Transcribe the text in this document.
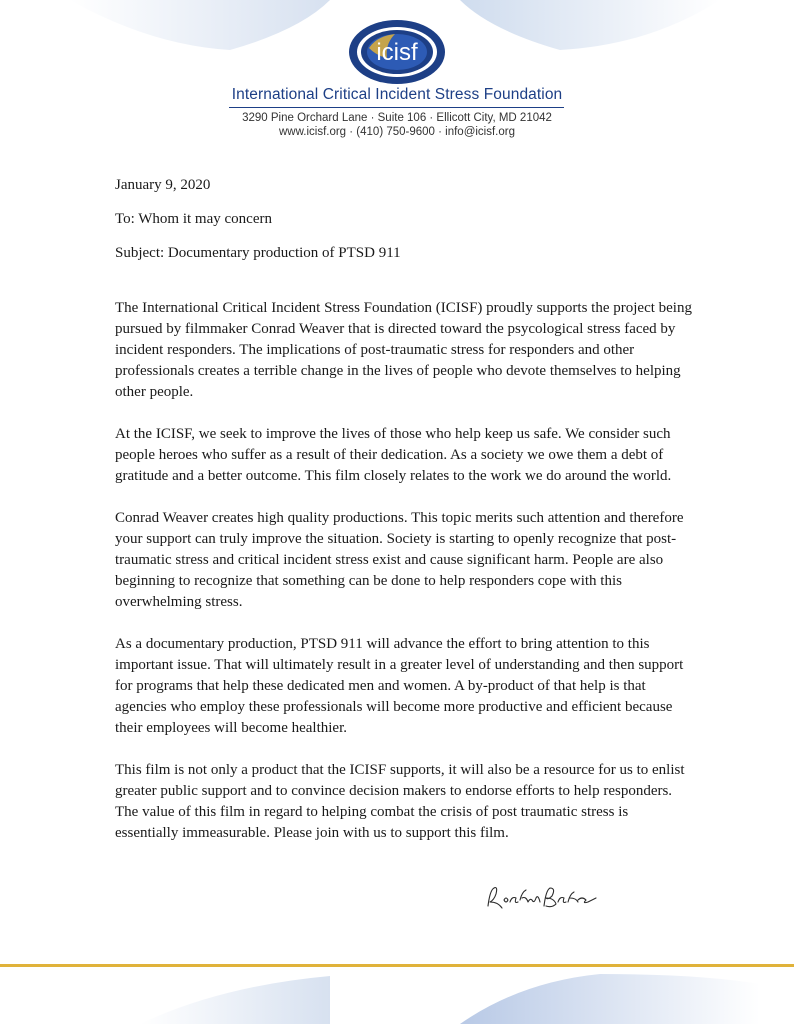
icisf
International Critical Incident Stress Foundation
3290 Pine Orchard Lane · Suite 106 · Ellicott City, MD 21042
www.icisf.org · (410) 750-9600 · info@icisf.org

January 9, 2020

To: Whom it may concern

Subject: Documentary production of PTSD 911

The International Critical Incident Stress Foundation (ICISF) proudly supports the project being pursued by filmmaker Conrad Weaver that is directed toward the psycological stress faced by incident responders. The implications of post-traumatic stress for responders and other professionals creates a terrible change in the lives of people who devote themselves to helping other people.

At the ICISF, we seek to improve the lives of those who help keep us safe. We consider such people heroes who suffer as a result of their dedication. As a society we owe them a debt of gratitude and a better outcome. This film closely relates to the work we do around the world.

Conrad Weaver creates high quality productions. This topic merits such attention and therefore your support can truly improve the situation. Society is starting to openly recognize that post-traumatic stress and critical incident stress exist and cause significant harm. People are also beginning to recognize that something can be done to help responders cope with this overwhelming stress.

As a documentary production, PTSD 911 will advance the effort to bring attention to this important issue. That will ultimately result in a greater level of understanding and then support for programs that help these dedicated men and women. A by-product of that help is that agencies who employ these professionals will become more productive and efficient because their employees will become healthier.

This film is not only a product that the ICISF supports, it will also be a resource for us to enlist greater public support and to convince decision makers to endorse efforts to help responders. The value of this film in regard to helping combat the crisis of post traumatic stress is essentially immeasurable. Please join with us to support this film.
